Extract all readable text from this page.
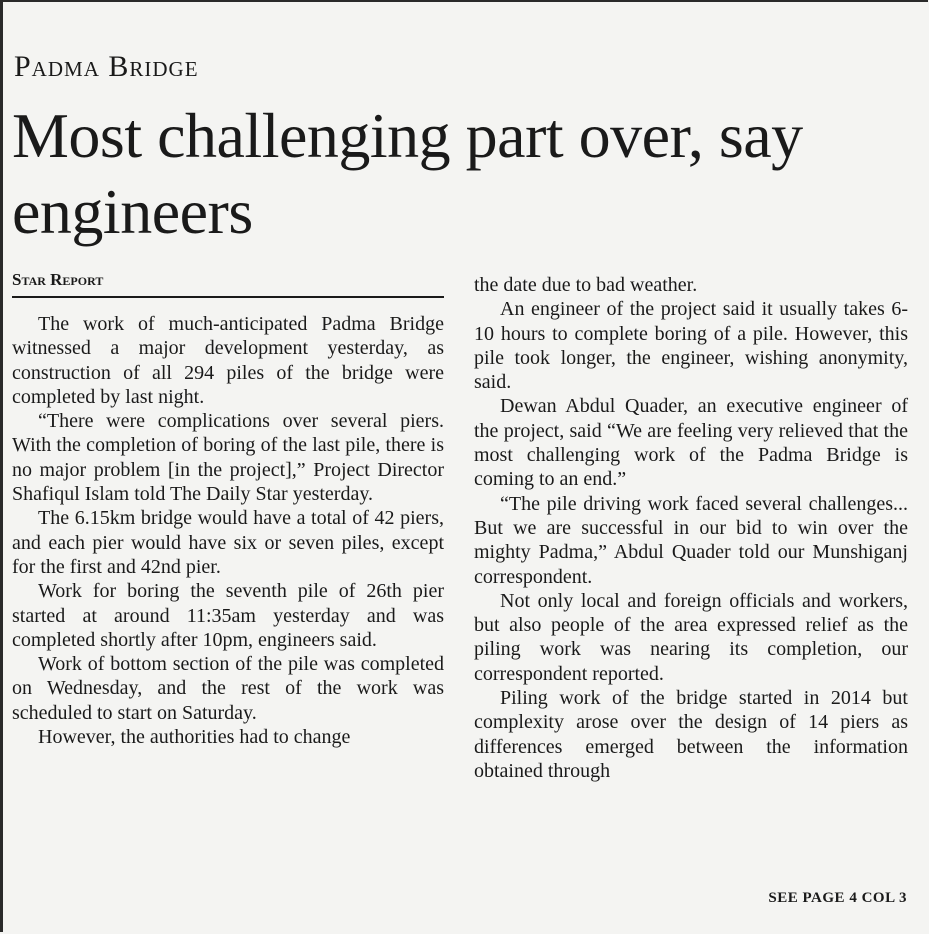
Padma Bridge
Most challenging part over, say engineers
Star Report

The work of much-anticipated Padma Bridge witnessed a major development yesterday, as construction of all 294 piles of the bridge were completed by last night.

“There were complications over several piers. With the completion of boring of the last pile, there is no major problem [in the project],” Project Director Shafiqul Islam told The Daily Star yesterday.

The 6.15km bridge would have a total of 42 piers, and each pier would have six or seven piles, except for the first and 42nd pier.

Work for boring the seventh pile of 26th pier started at around 11:35am yesterday and was completed shortly after 10pm, engineers said.

Work of bottom section of the pile was completed on Wednesday, and the rest of the work was scheduled to start on Saturday.

However, the authorities had to change

the date due to bad weather.

An engineer of the project said it usually takes 6-10 hours to complete boring of a pile. However, this pile took longer, the engineer, wishing anonymity, said.

Dewan Abdul Quader, an executive engineer of the project, said “We are feeling very relieved that the most challenging work of the Padma Bridge is coming to an end.”

“The pile driving work faced several challenges... But we are successful in our bid to win over the mighty Padma,” Abdul Quader told our Munshiganj correspondent.

Not only local and foreign officials and workers, but also people of the area expressed relief as the piling work was nearing its completion, our correspondent reported.

Piling work of the bridge started in 2014 but complexity arose over the design of 14 piers as differences emerged between the information obtained through

SEE PAGE 4 COL 3
